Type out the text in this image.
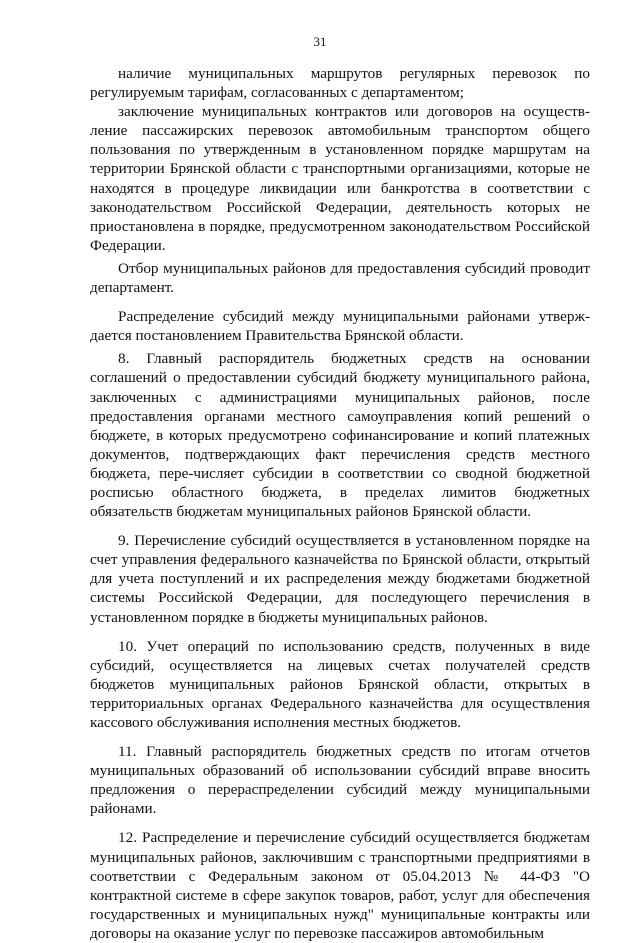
31

наличие муниципальных маршрутов регулярных перевозок по регулируемым тарифам, согласованных с департаментом;

заключение муниципальных контрактов или договоров на осуществ-ление пассажирских перевозок автомобильным транспортом общего пользования по утвержденным в установленном порядке маршрутам на территории Брянской области с транспортными организациями, которые не находятся в процедуре ликвидации или банкротства в соответствии с законодательством Российской Федерации, деятельность которых не приостановлена в порядке, предусмотренном законодательством Российской Федерации.

Отбор муниципальных районов для предоставления субсидий проводит департамент.

Распределение субсидий между муниципальными районами утверж-дается постановлением Правительства Брянской области.

8. Главный распорядитель бюджетных средств на основании соглашений о предоставлении субсидий бюджету муниципального района, заключенных с администрациями муниципальных районов, после предоставления органами местного самоуправления копий решений о бюджете, в которых предусмотрено софинансирование и копий платежных документов, подтверждающих факт перечисления средств местного бюджета, пере-числяет субсидии в соответствии со сводной бюджетной росписью областного бюджета, в пределах лимитов бюджетных обязательств бюджетам муниципальных районов Брянской области.

9. Перечисление субсидий осуществляется в установленном порядке на счет управления федерального казначейства по Брянской области, открытый для учета поступлений и их распределения между бюджетами бюджетной системы Российской Федерации, для последующего перечисления в установленном порядке в бюджеты муниципальных районов.

10. Учет операций по использованию средств, полученных в виде субсидий, осуществляется на лицевых счетах получателей средств бюджетов муниципальных районов Брянской области, открытых в территориальных органах Федерального казначейства для осуществления кассового обслуживания исполнения местных бюджетов.

11. Главный распорядитель бюджетных средств по итогам отчетов муниципальных образований об использовании субсидий вправе вносить предложения о перераспределении субсидий между муниципальными районами.

12. Распределение и перечисление субсидий осуществляется бюджетам муниципальных районов, заключившим с транспортными предприятиями в соответствии с Федеральным законом от 05.04.2013 № 44-ФЗ "О контрактной системе в сфере закупок товаров, работ, услуг для обеспечения государственных и муниципальных нужд" муниципальные контракты или договоры на оказание услуг по перевозке пассажиров автомобильным
